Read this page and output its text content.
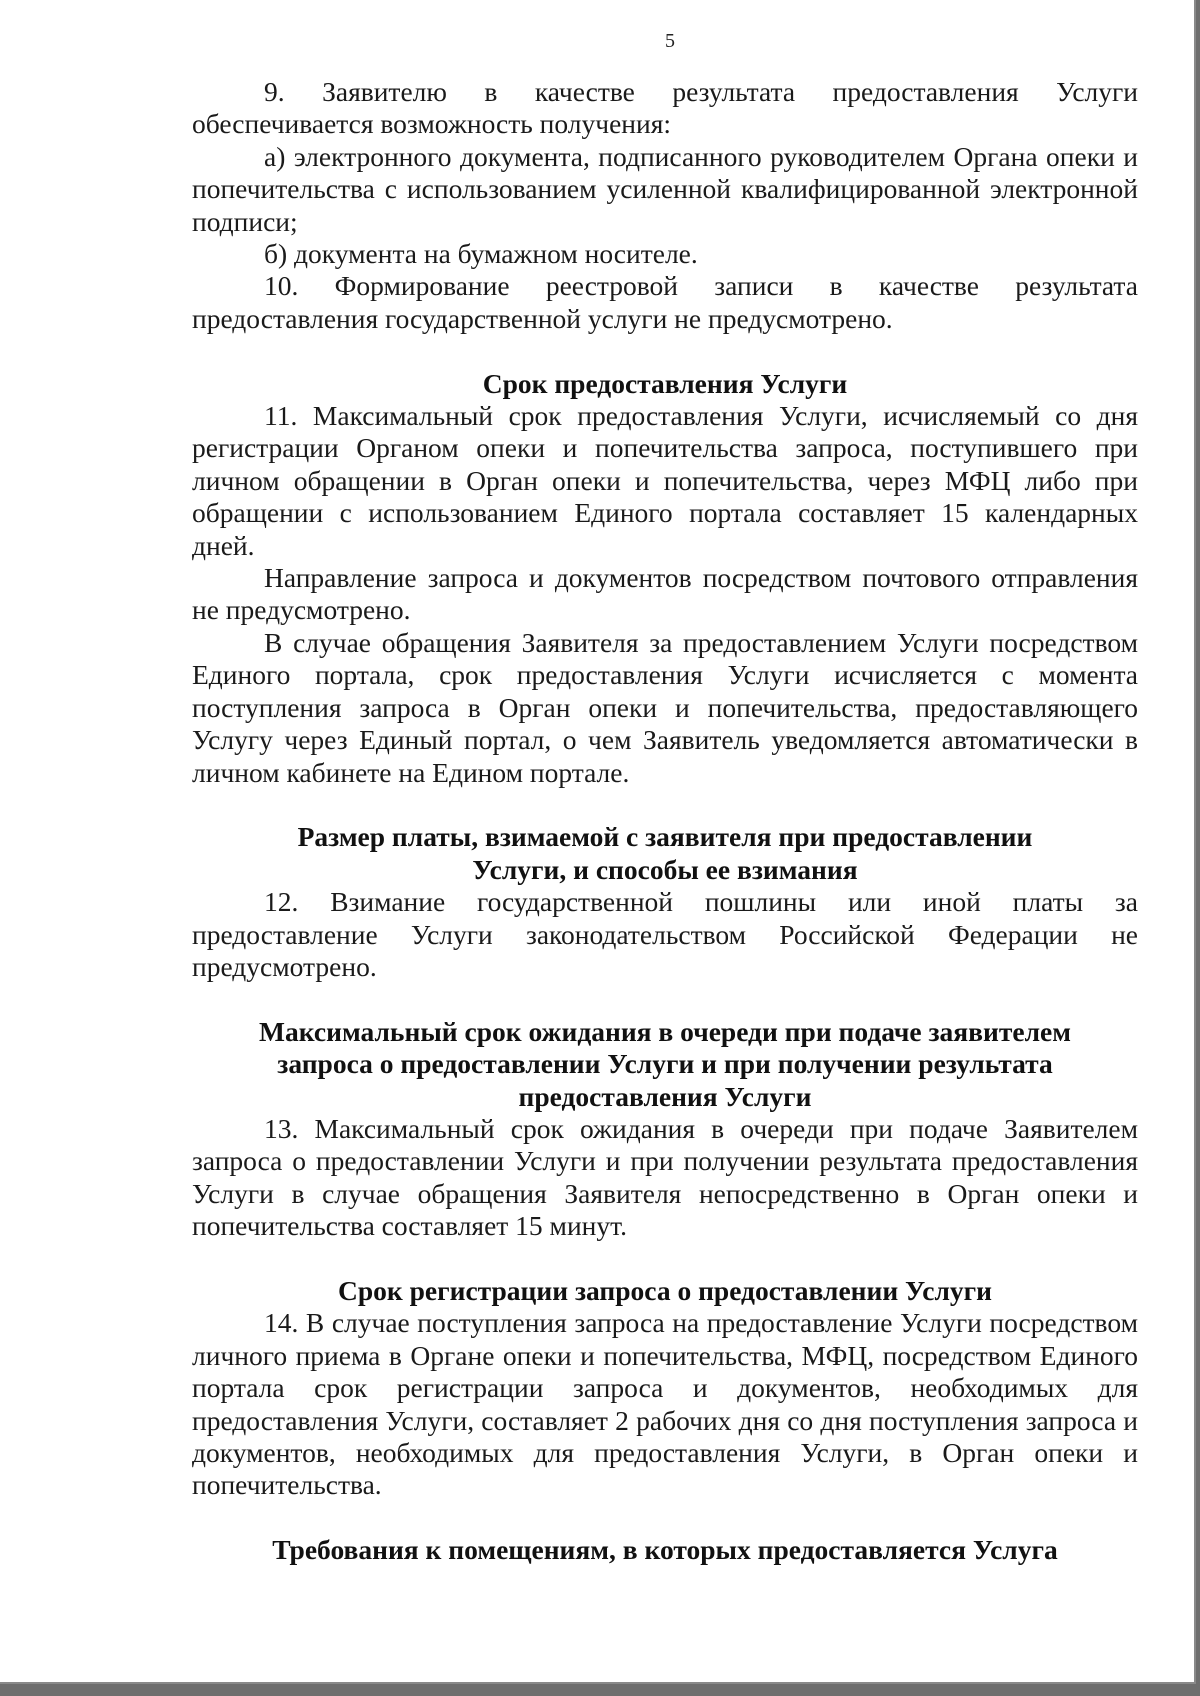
5

9. Заявителю в качестве результата предоставления Услуги обеспечивается возможность получения:

а) электронного документа, подписанного руководителем Органа опеки и попечительства с использованием усиленной квалифицированной электронной подписи;

б) документа на бумажном носителе.

10. Формирование реестровой записи в качестве результата предоставления государственной услуги не предусмотрено.

Срок предоставления Услуги

11. Максимальный срок предоставления Услуги, исчисляемый со дня регистрации Органом опеки и попечительства запроса, поступившего при личном обращении в Орган опеки и попечительства, через МФЦ либо при обращении с использованием Единого портала составляет 15 календарных дней.

Направление запроса и документов посредством почтового отправления не предусмотрено.

В случае обращения Заявителя за предоставлением Услуги посредством Единого портала, срок предоставления Услуги исчисляется с момента поступления запроса в Орган опеки и попечительства, предоставляющего Услугу через Единый портал, о чем Заявитель уведомляется автоматически в личном кабинете на Едином портале.

Размер платы, взимаемой с заявителя при предоставлении
Услуги, и способы ее взимания

12. Взимание государственной пошлины или иной платы за предоставление Услуги законодательством Российской Федерации не предусмотрено.

Максимальный срок ожидания в очереди при подаче заявителем
запроса о предоставлении Услуги и при получении результата
предоставления Услуги

13. Максимальный срок ожидания в очереди при подаче Заявителем запроса о предоставлении Услуги и при получении результата предоставления Услуги в случае обращения Заявителя непосредственно в Орган опеки и попечительства составляет 15 минут.

Срок регистрации запроса о предоставлении Услуги

14. В случае поступления запроса на предоставление Услуги посредством личного приема в Органе опеки и попечительства, МФЦ, посредством Единого портала срок регистрации запроса и документов, необходимых для предоставления Услуги, составляет 2 рабочих дня со дня поступления запроса и документов, необходимых для предоставления Услуги, в Орган опеки и попечительства.

Требования к помещениям, в которых предоставляется Услуга
